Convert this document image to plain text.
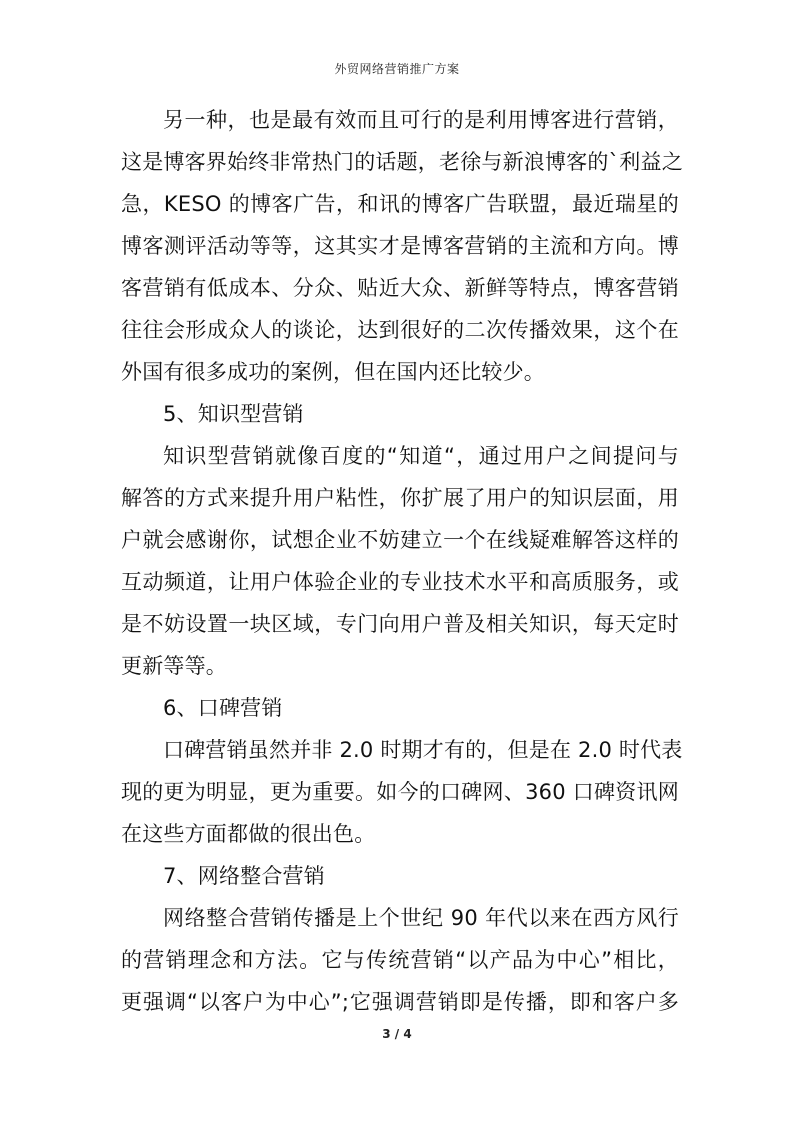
外贸网络营销推广方案
另一种，也是最有效而且可行的是利用博客进行营销，
这是博客界始终非常热门的话题，老徐与新浪博客的`利益之
急，KESO 的博客广告，和讯的博客广告联盟，最近瑞星的
博客测评活动等等，这其实才是博客营销的主流和方向。博
客营销有低成本、分众、贴近大众、新鲜等特点，博客营销
往往会形成众人的谈论，达到很好的二次传播效果，这个在
外国有很多成功的案例，但在国内还比较少。
5、知识型营销
知识型营销就像百度的“知道“，通过用户之间提问与
解答的方式来提升用户粘性，你扩展了用户的知识层面，用
户就会感谢你，试想企业不妨建立一个在线疑难解答这样的
互动频道，让用户体验企业的专业技术水平和高质服务，或
是不妨设置一块区域，专门向用户普及相关知识，每天定时
更新等等。
6、口碑营销
口碑营销虽然并非 2.0 时期才有的，但是在 2.0 时代表
现的更为明显，更为重要。如今的口碑网、360 口碑资讯网
在这些方面都做的很出色。
7、网络整合营销
网络整合营销传播是上个世纪 90 年代以来在西方风行
的营销理念和方法。它与传统营销“以产品为中心”相比，
更强调“以客户为中心”;它强调营销即是传播，即和客户多
3 / 4
